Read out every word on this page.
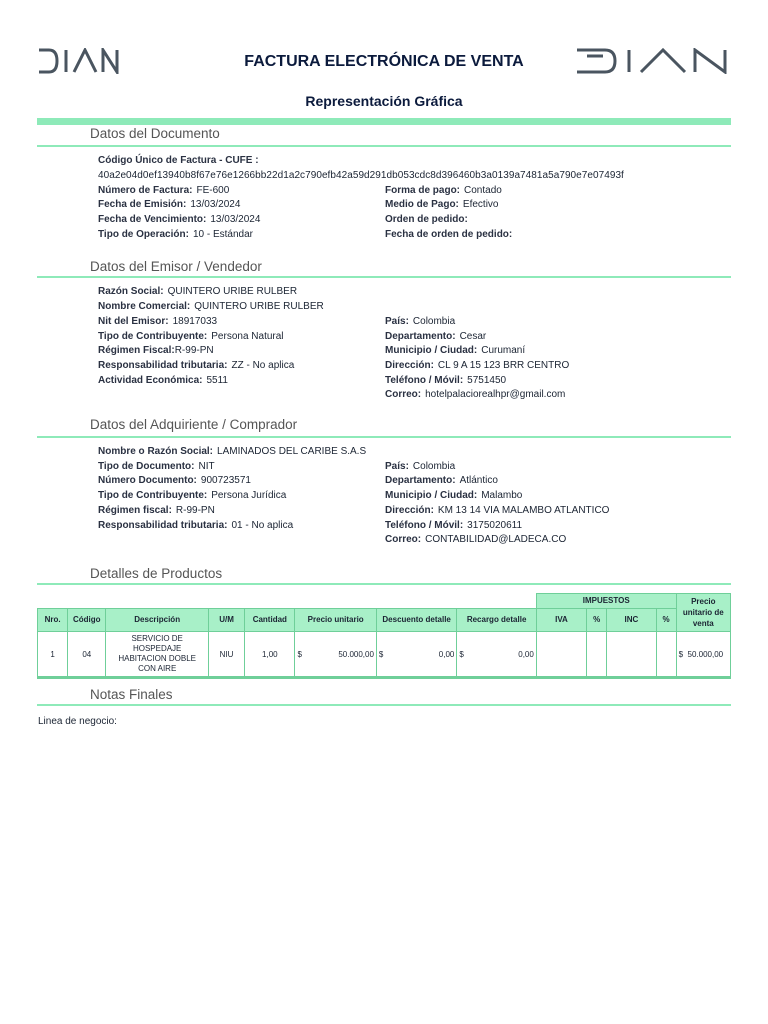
FACTURA ELECTRÓNICA DE VENTA
Representación Gráfica
Datos del Documento
Código Único de Factura - CUFE :
40a2e04d0ef13940b8f67e76e1266bb22d1a2c790efb42a59d291db053cdc8d396460b3a0139a7481a5a790e7e07493f
Número de Factura: FE-600
Fecha de Emisión: 13/03/2024
Fecha de Vencimiento: 13/03/2024
Tipo de Operación: 10 - Estándar
Forma de pago: Contado
Medio de Pago: Efectivo
Orden de pedido:
Fecha de orden de pedido:
Datos del Emisor / Vendedor
Razón Social: QUINTERO URIBE RULBER
Nombre Comercial: QUINTERO URIBE RULBER
Nit del Emisor: 18917033
Tipo de Contribuyente: Persona Natural
Régimen Fiscal:R-99-PN
Responsabilidad tributaria: ZZ - No aplica
Actividad Económica: 5511
País: Colombia
Departamento: Cesar
Municipio / Ciudad: Curumaní
Dirección: CL 9 A 15 123 BRR CENTRO
Teléfono / Móvil: 5751450
Correo: hotelpalaciorealhpr@gmail.com
Datos del Adquiriente / Comprador
Nombre o Razón Social: LAMINADOS DEL CARIBE S.A.S
Tipo de Documento: NIT
Número Documento: 900723571
Tipo de Contribuyente: Persona Jurídica
Régimen fiscal: R-99-PN
Responsabilidad tributaria: 01 - No aplica
País: Colombia
Departamento: Atlántico
Municipio / Ciudad: Malambo
Dirección: KM 13 14 VIA MALAMBO ATLANTICO
Teléfono / Móvil: 3175020611
Correo: CONTABILIDAD@LADECA.CO
Detalles de Productos
								IMPUESTOS				Precio unitario de venta
Nro.	Código	Descripción	U/M	Cantidad	Precio unitario	Descuento detalle	Recargo detalle	IVA	%	INC	%	
1	04	SERVICIO DE HOSPEDAJE HABITACION DOBLE CON AIRE	NIU	1,00	$ 50.000,00	$ 0,00	$ 0,00					$ 50.000,00
Notas Finales
Linea de negocio:
